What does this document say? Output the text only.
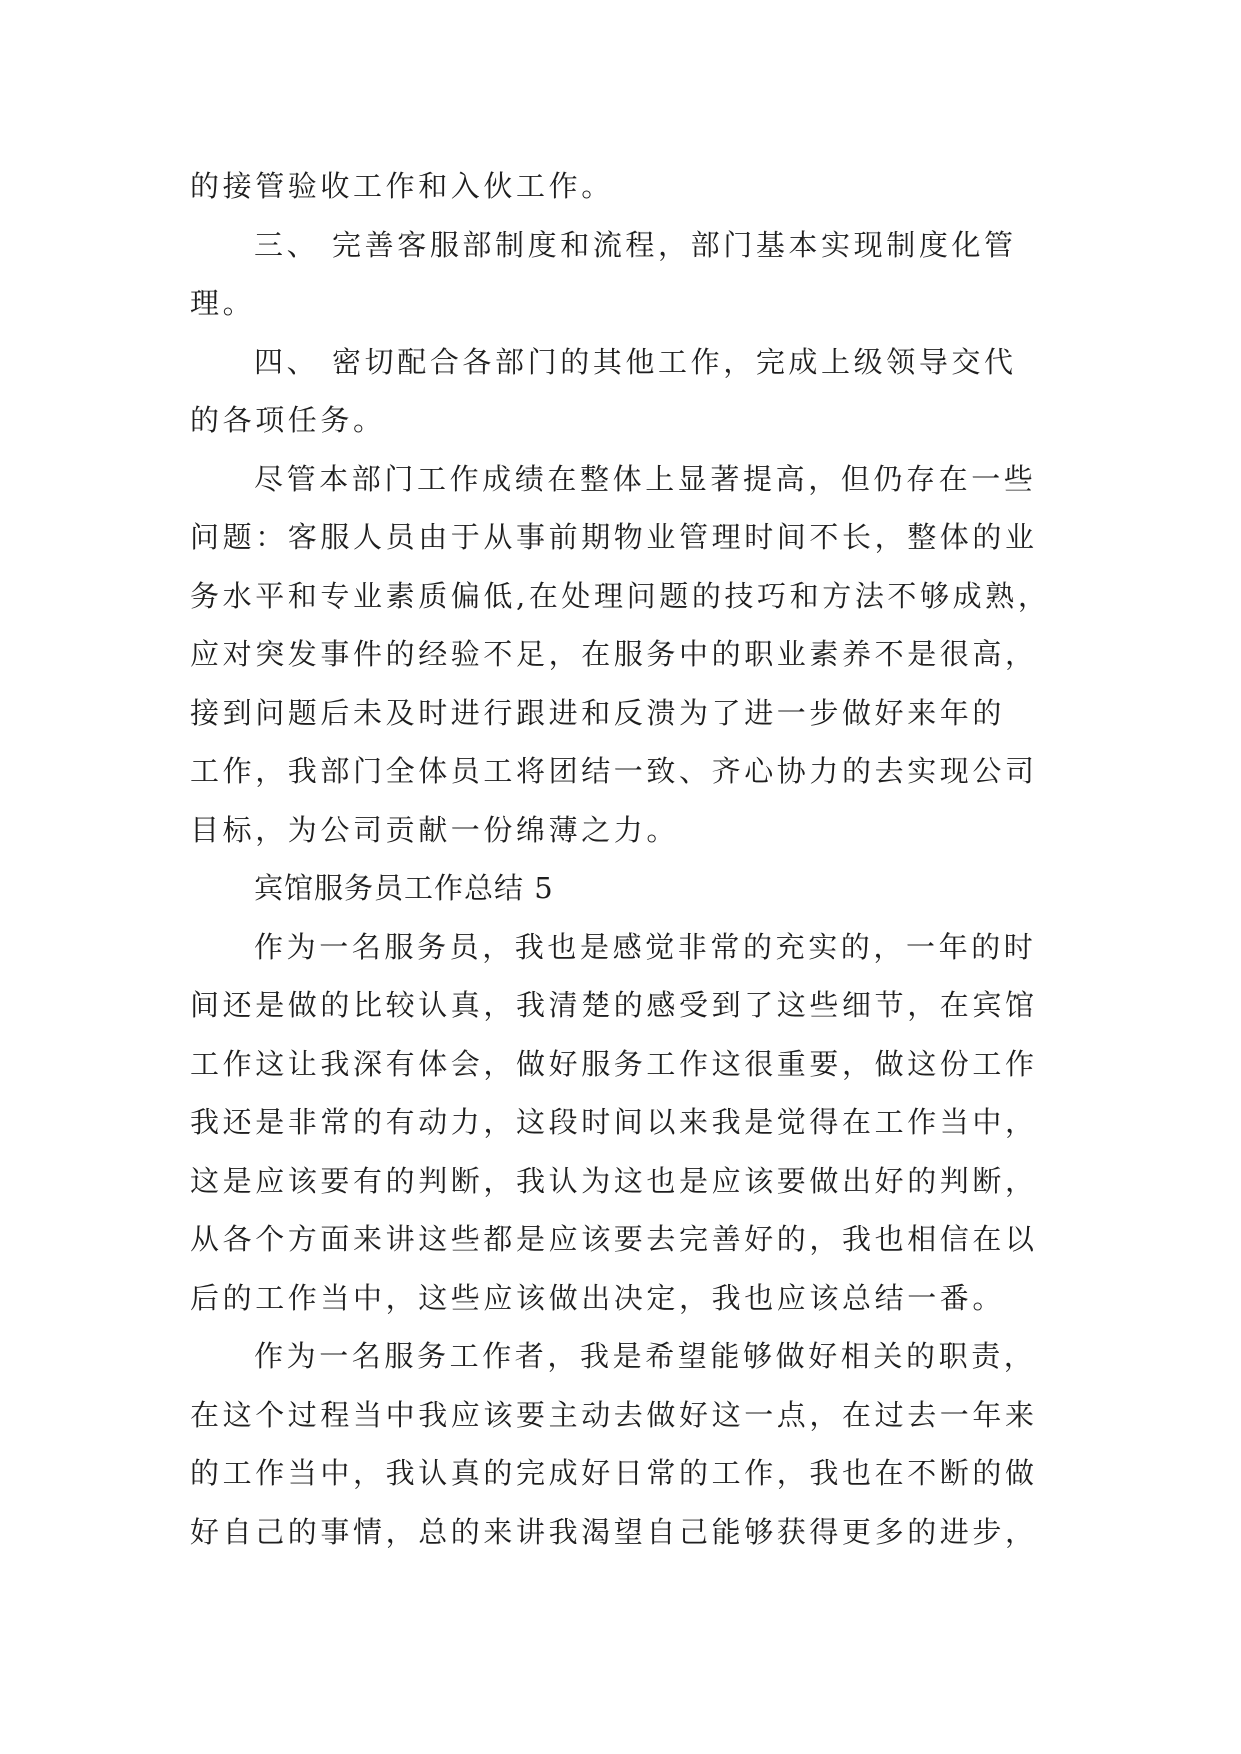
的接管验收工作和入伙工作。
三、 完善客服部制度和流程，部门基本实现制度化管
理。
四、 密切配合各部门的其他工作，完成上级领导交代
的各项任务。
尽管本部门工作成绩在整体上显著提高，但仍存在一些
问题：客服人员由于从事前期物业管理时间不长，整体的业
务水平和专业素质偏低,在处理问题的技巧和方法不够成熟，
应对突发事件的经验不足，在服务中的职业素养不是很高，
接到问题后未及时进行跟进和反溃为了进一步做好来年的
工作，我部门全体员工将团结一致、齐心协力的去实现公司
目标，为公司贡献一份绵薄之力。
宾馆服务员工作总结 5
作为一名服务员，我也是感觉非常的充实的，一年的时
间还是做的比较认真，我清楚的感受到了这些细节，在宾馆
工作这让我深有体会，做好服务工作这很重要，做这份工作
我还是非常的有动力，这段时间以来我是觉得在工作当中，
这是应该要有的判断，我认为这也是应该要做出好的判断，
从各个方面来讲这些都是应该要去完善好的，我也相信在以
后的工作当中，这些应该做出决定，我也应该总结一番。
作为一名服务工作者，我是希望能够做好相关的职责，
在这个过程当中我应该要主动去做好这一点，在过去一年来
的工作当中，我认真的完成好日常的工作，我也在不断的做
好自己的事情，总的来讲我渴望自己能够获得更多的进步，
